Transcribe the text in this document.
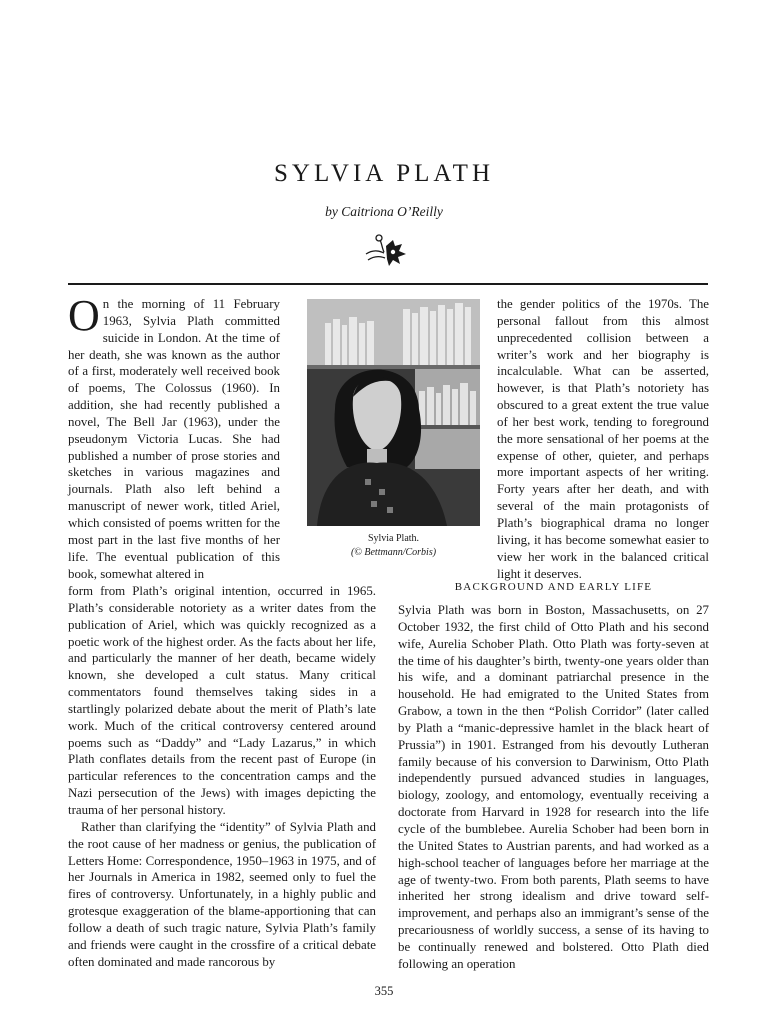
SYLVIA PLATH
by Caitriona O’Reilly

On the morning of 11 February 1963, Sylvia Plath committed suicide in London. At the time of her death, she was known as the author of a first, moderately well received book of poems, The Colossus (1960). In addition, she had recently published a novel, The Bell Jar (1963), under the pseudonym Victoria Lucas. She had published a number of prose stories and sketches in various magazines and journals. Plath also left behind a manuscript of newer work, titled Ariel, which consisted of poems written for the most part in the last five months of her life. The eventual publication of this book, somewhat altered in

Sylvia Plath.
(© Bettmann/Corbis)

form from Plath’s original intention, occurred in 1965. Plath’s considerable notoriety as a writer dates from the publication of Ariel, which was quickly recognized as a poetic work of the highest order. As the facts about her life, and particularly the manner of her death, became widely known, she developed a cult status. Many critical commentators found themselves taking sides in a startlingly polarized debate about the merit of Plath’s late work. Much of the critical controversy centered around poems such as “Daddy” and “Lady Lazarus,” in which Plath conflates details from the recent past of Europe (in particular references to the concentration camps and the Nazi persecution of the Jews) with images depicting the trauma of her personal history.

Rather than clarifying the “identity” of Sylvia Plath and the root cause of her madness or genius, the publication of Letters Home: Correspondence, 1950–1963 in 1975, and of her Journals in America in 1982, seemed only to fuel the fires of controversy. Unfortunately, in a highly public and grotesque exaggeration of the blame-apportioning that can follow a death of such tragic nature, Sylvia Plath’s family and friends were caught in the crossfire of a critical debate often dominated and made rancorous by

the gender politics of the 1970s. The personal fallout from this almost unprecedented collision between a writer’s work and her biography is incalculable. What can be asserted, however, is that Plath’s notoriety has obscured to a great extent the true value of her best work, tending to foreground the more sensational of her poems at the expense of other, quieter, and perhaps more important aspects of her writing. Forty years after her death, and with several of the main protagonists of Plath’s biographical drama no longer living, it has become somewhat easier to view her work in the balanced critical light it deserves.

BACKGROUND AND EARLY LIFE

Sylvia Plath was born in Boston, Massachusetts, on 27 October 1932, the first child of Otto Plath and his second wife, Aurelia Schober Plath. Otto Plath was forty-seven at the time of his daughter’s birth, twenty-one years older than his wife, and a dominant patriarchal presence in the household. He had emigrated to the United States from Grabow, a town in the then “Polish Corridor” (later called by Plath a “manic-depressive hamlet in the black heart of Prussia”) in 1901. Estranged from his devoutly Lutheran family because of his conversion to Darwinism, Otto Plath independently pursued advanced studies in languages, biology, zoology, and entomology, eventually receiving a doctorate from Harvard in 1928 for research into the life cycle of the bumblebee. Aurelia Schober had been born in the United States to Austrian parents, and had worked as a high-school teacher of languages before her marriage at the age of twenty-two. From both parents, Plath seems to have inherited her strong idealism and drive toward self-improvement, and perhaps also an immigrant’s sense of the precariousness of worldly success, a sense of its having to be continually renewed and bolstered. Otto Plath died following an operation

355
